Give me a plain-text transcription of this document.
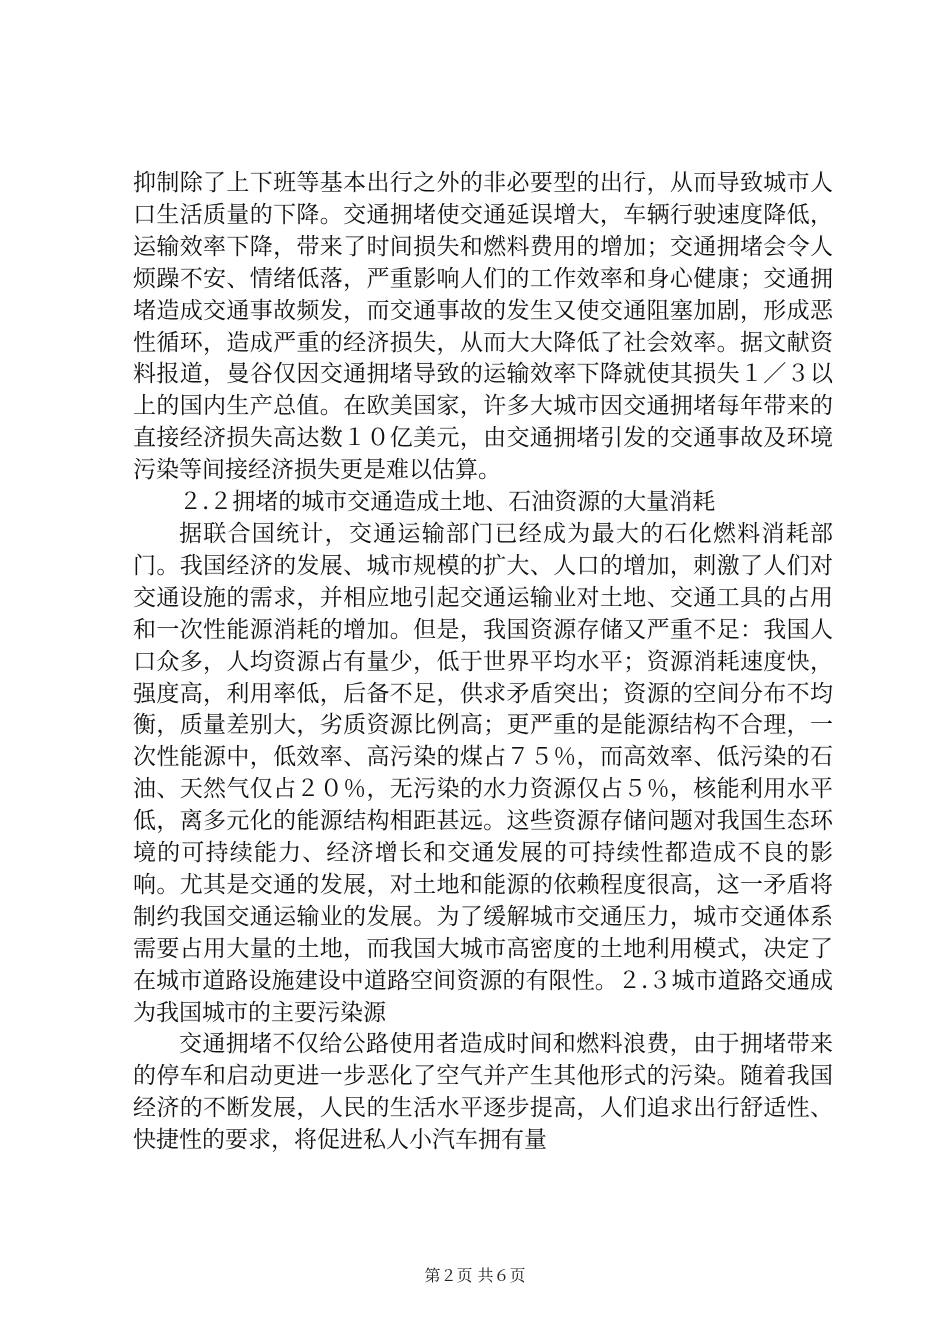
抑制除了上下班等基本出行之外的非必要型的出行，从而导致城市人口生活质量的下降。交通拥堵使交通延误增大，车辆行驶速度降低，运输效率下降，带来了时间损失和燃料费用的增加；交通拥堵会令人烦躁不安、情绪低落，严重影响人们的工作效率和身心健康；交通拥堵造成交通事故频发，而交通事故的发生又使交通阻塞加剧，形成恶性循环，造成严重的经济损失，从而大大降低了社会效率。据文献资料报道，曼谷仅因交通拥堵导致的运输效率下降就使其损失１／３以上的国内生产总值。在欧美国家，许多大城市因交通拥堵每年带来的直接经济损失高达数１０亿美元，由交通拥堵引发的交通事故及环境污染等间接经济损失更是难以估算。

２.２拥堵的城市交通造成土地、石油资源的大量消耗

据联合国统计，交通运输部门已经成为最大的石化燃料消耗部门。我国经济的发展、城市规模的扩大、人口的增加，刺激了人们对交通设施的需求，并相应地引起交通运输业对土地、交通工具的占用和一次性能源消耗的增加。但是，我国资源存储又严重不足：我国人口众多，人均资源占有量少，低于世界平均水平；资源消耗速度快，强度高，利用率低，后备不足，供求矛盾突出；资源的空间分布不均衡，质量差别大，劣质资源比例高；更严重的是能源结构不合理，一次性能源中，低效率、高污染的煤占７５％，而高效率、低污染的石油、天然气仅占２０％，无污染的水力资源仅占５％，核能利用水平低，离多元化的能源结构相距甚远。这些资源存储问题对我国生态环境的可持续能力、经济增长和交通发展的可持续性都造成不良的影响。尤其是交通的发展，对土地和能源的依赖程度很高，这一矛盾将制约我国交通运输业的发展。为了缓解城市交通压力，城市交通体系需要占用大量的土地，而我国大城市高密度的土地利用模式，决定了在城市道路设施建设中道路空间资源的有限性。２.３城市道路交通成为我国城市的主要污染源

交通拥堵不仅给公路使用者造成时间和燃料浪费，由于拥堵带来的停车和启动更进一步恶化了空气并产生其他形式的污染。随着我国经济的不断发展，人民的生活水平逐步提高，人们追求出行舒适性、快捷性的要求，将促进私人小汽车拥有量

第２页 共６页
